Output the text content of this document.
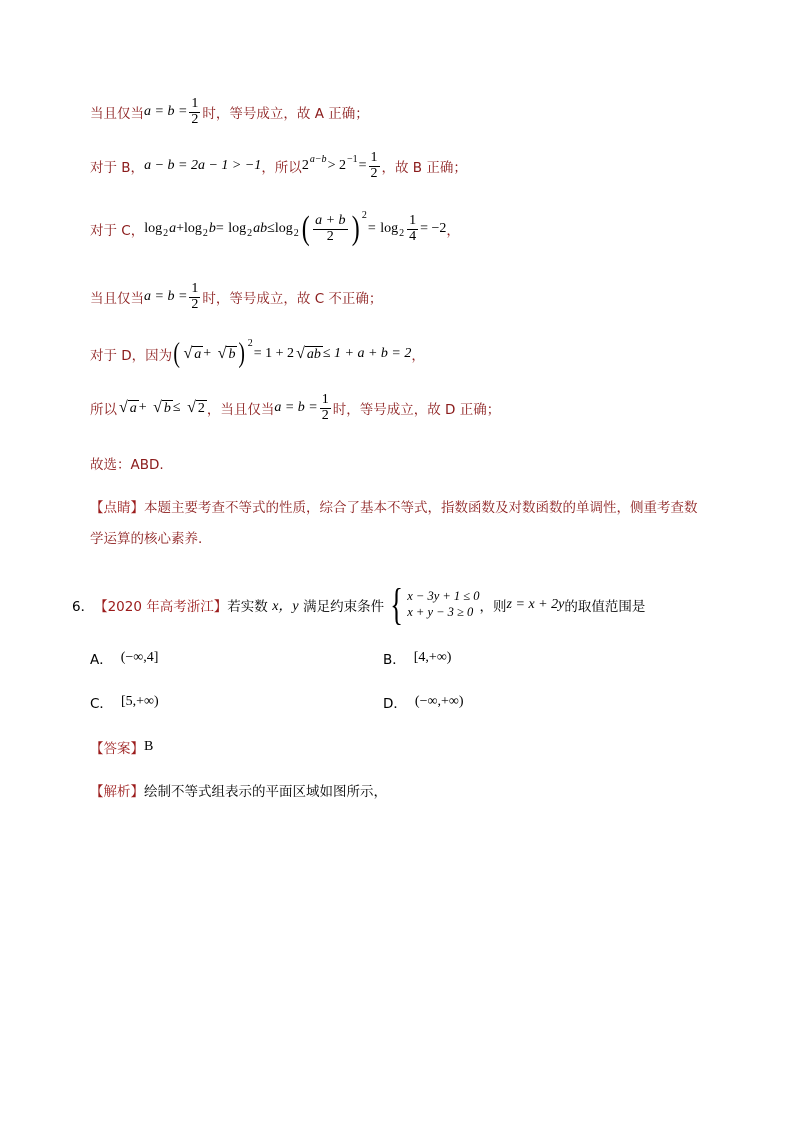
当且仅当 $a = b = \frac{1}{2}$ 时，等号成立，故 A 正确；
对于 B， a − b = 2a − 1 > −1 ，所以 2 $a-b > 2 -1 = \frac{1}{2}$ ，故 B 正确；
对于 C， log 2 a + log 2 b =
log 2 ab ≤ log 2 ( $\frac{a + b}{2}$ ) 2
=
$\log 2 \frac{1}{4} = -2$ ，
当且仅当 $a = b = \frac{1}{2}$ 时，等号成立，故 C 不正确；
对于 D，因为 ( √ a +
√ b ) 2
= 1 + 2 √ ab ≤ 1 + a + b = 2 ，
所以 √ a +
√ b ≤
√ 2 ，当且仅当 $a = b = \frac{1}{2}$ 时，等号成立，故 D 正确；
故选：ABD.
【点睛】 本题主要考查不等式的性质，综合了基本不等式，指数函数及对数函数的单调性，侧重考查数
学运算的核心素养.
6． 【2020 年高考浙江】 若实数
x，y
满足约束条件 { x − 3y + 1 ≤ 0
x + y − 3 ≥ 0 ，则 z = x + 2y 的取值范围是
A． (−∞,4]	B． [4,+∞)
C． [5,+∞)	D． (−∞,+∞)
【答案】 B
【解析】 绘制不等式组表示的平面区域如图所示，
